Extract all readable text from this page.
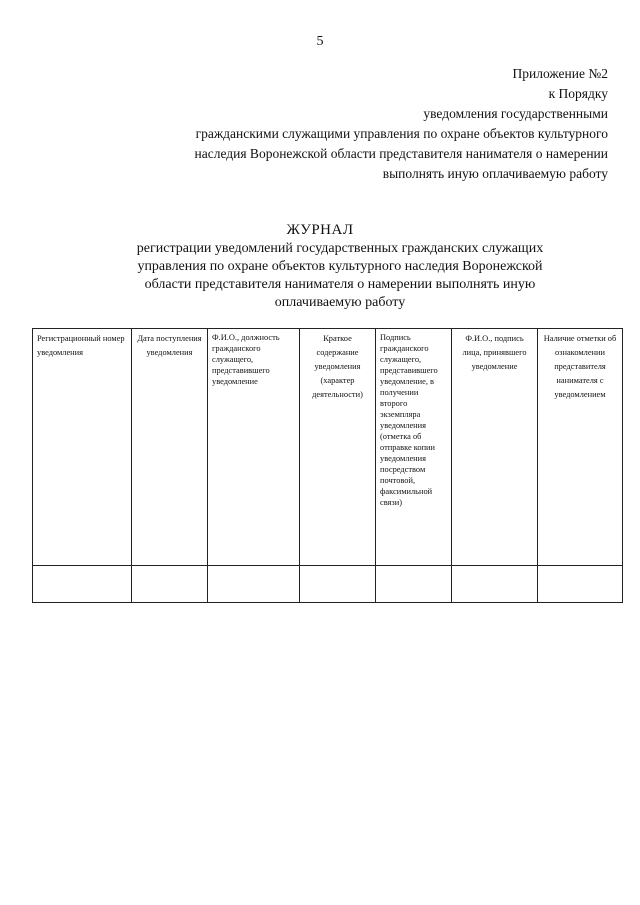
5
Приложение №2
к Порядку
уведомления государственными
гражданскими служащими управления по охране объектов культурного
наследия Воронежской области представителя нанимателя о намерении
выполнять иную оплачиваемую работу
ЖУРНАЛ
регистрации уведомлений государственных гражданских служащих
управления по охране объектов культурного наследия Воронежской
области представителя нанимателя о намерении выполнять иную
оплачиваемую работу
Регистрационный номер уведомления	Дата поступления уведомления	Ф.И.О., должность гражданского служащего, представившего уведомление	Краткое содержание уведомления (характер деятельности)	Подпись гражданского служащего, представившего уведомление, в получении второго экземпляра уведомления (отметка об отправке копии уведомления посредством почтовой, факсимильной связи)	Ф.И.О., подпись лица, принявшего уведомление	Наличие отметки об ознакомлении представителя нанимателя с уведомлением
